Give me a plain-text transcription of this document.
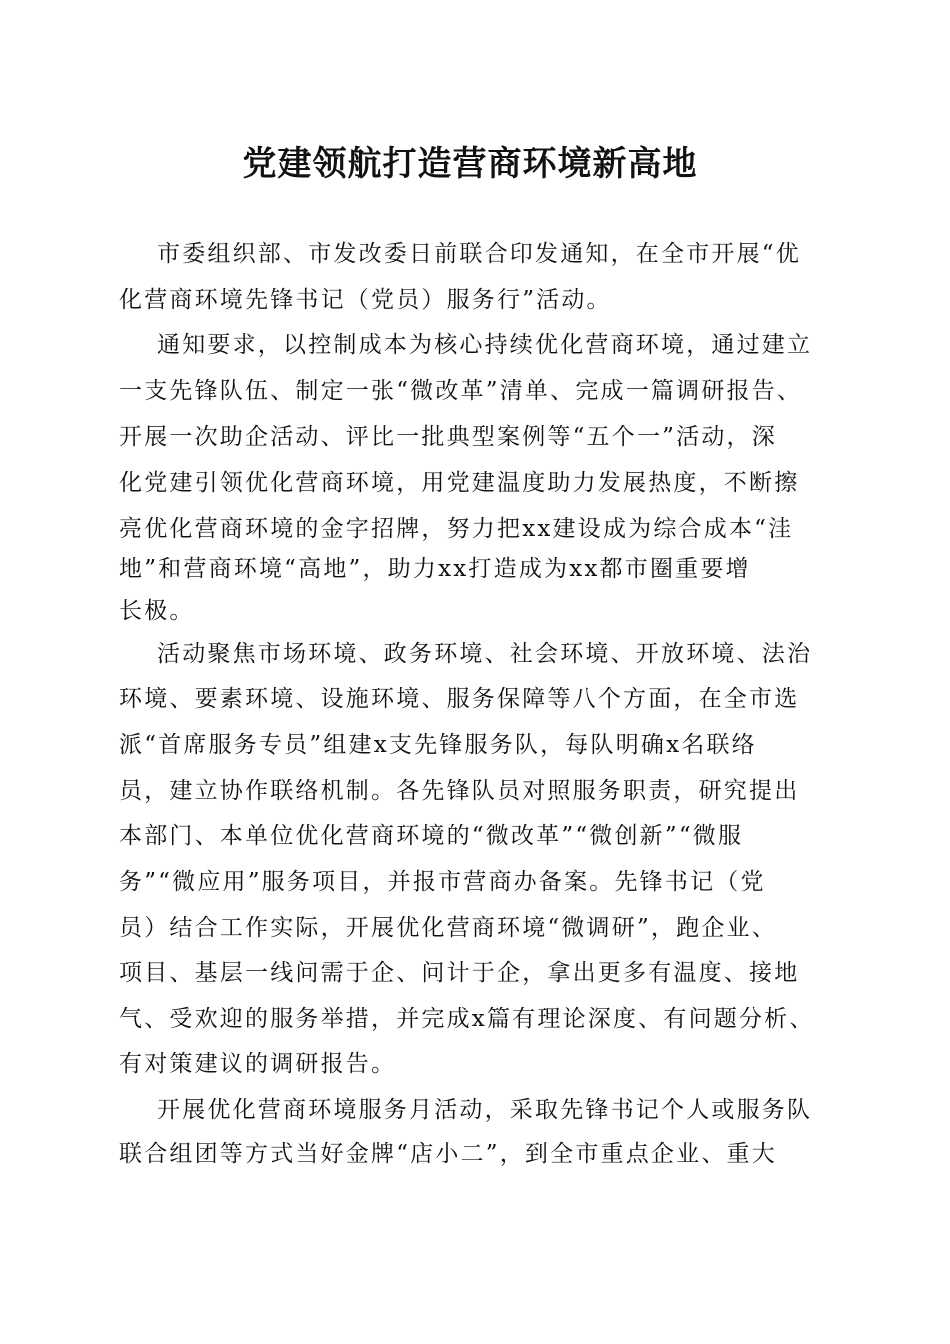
党建领航打造营商环境新高地
市委组织部、市发改委日前联合印发通知，在全市开展“优
化营商环境先锋书记（党员）服务行”活动。
通知要求，以控制成本为核心持续优化营商环境，通过建立
一支先锋队伍、制定一张“微改革”清单、完成一篇调研报告、
开展一次助企活动、评比一批典型案例等“五个一”活动，深
化党建引领优化营商环境，用党建温度助力发展热度，不断擦
亮优化营商环境的金字招牌，努力把xx建设成为综合成本“洼
地”和营商环境“高地”，助力xx打造成为xx都市圈重要增
长极。
活动聚焦市场环境、政务环境、社会环境、开放环境、法治
环境、要素环境、设施环境、服务保障等八个方面，在全市选
派“首席服务专员”组建x支先锋服务队，每队明确x名联络
员，建立协作联络机制。各先锋队员对照服务职责，研究提出
本部门、本单位优化营商环境的“微改革”“微创新”“微服
务”“微应用”服务项目，并报市营商办备案。先锋书记（党
员）结合工作实际，开展优化营商环境“微调研”，跑企业、
项目、基层一线问需于企、问计于企，拿出更多有温度、接地
气、受欢迎的服务举措，并完成x篇有理论深度、有问题分析、
有对策建议的调研报告。
开展优化营商环境服务月活动，采取先锋书记个人或服务队
联合组团等方式当好金牌“店小二”，到全市重点企业、重大
